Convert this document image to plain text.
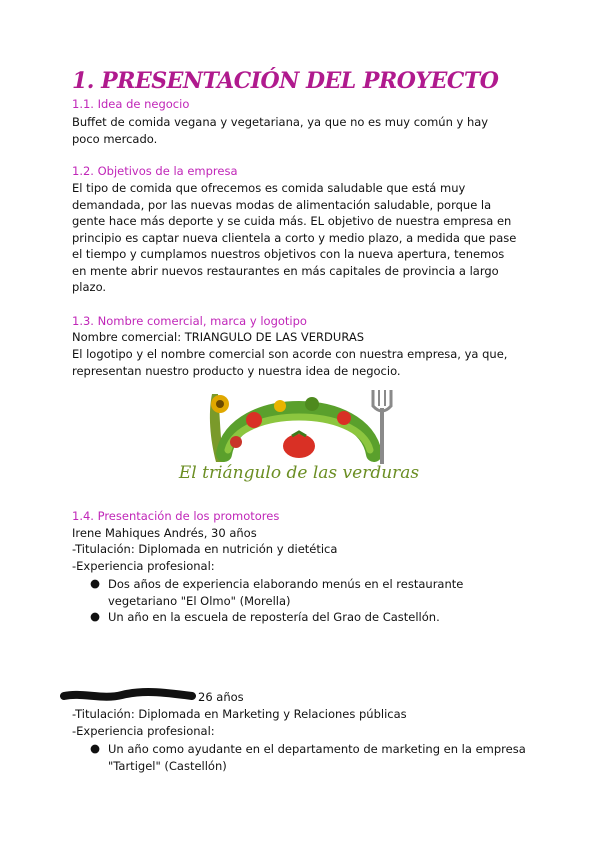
1. PRESENTACIÓN DEL PROYECTO
1.1. Idea de negocio
Buffet de comida vegana y vegetariana, ya que no es muy común y hay poco mercado.
1.2. Objetivos de la empresa
El tipo de comida que ofrecemos es comida saludable que está muy demandada, por las nuevas modas de alimentación saludable, porque la gente hace más deporte y se cuida más. EL objetivo de nuestra empresa en principio es captar nueva clientela a corto y medio plazo, a medida que pase el tiempo y cumplamos nuestros objetivos con la nueva apertura, tenemos en mente abrir nuevos restaurantes en más capitales de provincia a largo plazo.
1.3. Nombre comercial, marca y logotipo
Nombre comercial: TRIANGULO DE LAS VERDURAS
El logotipo y el nombre comercial son acorde con nuestra empresa, ya que, representan nuestro producto y nuestra idea de negocio.
El triángulo de las verduras
1.4. Presentación de los promotores
Irene Mahiques Andrés, 30 años
-Titulación: Diplomada en nutrición y dietética
-Experiencia profesional:
● Dos años de experiencia elaborando menús en el restaurante vegetariano "El Olmo" (Morella)
● Un año en la escuela de repostería del Grao de Castellón.
26 años
-Titulación: Diplomada en Marketing y Relaciones públicas
-Experiencia profesional:
● Un año como ayudante en el departamento de marketing en la empresa "Tartigel" (Castellón)
